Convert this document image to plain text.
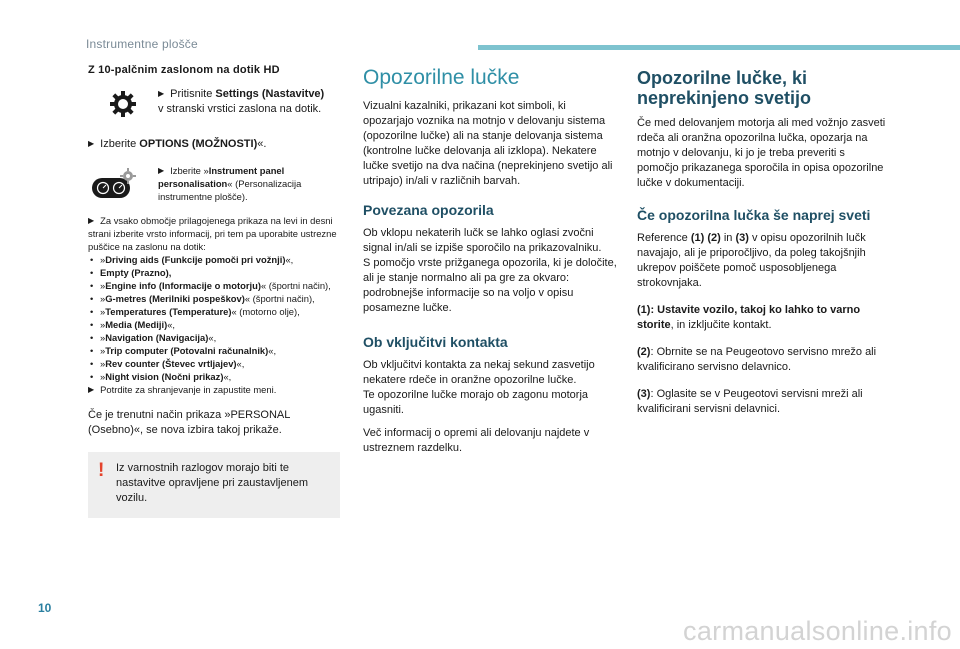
Instrumentne plošče
Z 10-palčnim zaslonom na dotik HD
▶ Pritisnite Settings (Nastavitve)
v stranski vrstici zaslona na dotik.
▶ Izberite OPTIONS (MOŽNOSTI)«.
▶ Izberite »Instrument panel personalisation« (Personalizacija instrumentne plošče).
▶ Za vsako območje prilagojenega prikaza na levi in desni strani izberite vrsto informacij, pri tem pa uporabite ustrezne puščice na zaslonu na dotik:
• »Driving aids (Funkcije pomoči pri vožnji)«,
• Empty (Prazno),
• »Engine info (Informacije o motorju)« (športni način),
• »G-metres (Merilniki pospeškov)« (športni način),
• »Temperatures (Temperature)« (motorno olje),
• »Media (Mediji)«,
• »Navigation (Navigacija)«,
• »Trip computer (Potovalni računalnik)«,
• »Rev counter (Števec vrtljajev)«,
• »Night vision (Nočni prikaz)«,
▶ Potrdite za shranjevanje in zapustite meni.

Če je trenutni način prikaza »PERSONAL (Osebno)«, se nova izbira takoj prikaže.

! Iz varnostnih razlogov morajo biti te nastavitve opravljene pri zaustavljenem vozilu.

Opozorilne lučke

Vizualni kazalniki, prikazani kot simboli, ki opozarjajo voznika na motnjo v delovanju sistema (opozorilne lučke) ali na stanje delovanja sistema (kontrolne lučke delovanja ali izklopa). Nekatere lučke svetijo na dva načina (neprekinjeno svetijo ali utripajo) in/ali v različnih barvah.

Povezana opozorila

Ob vklopu nekaterih lučk se lahko oglasi zvočni signal in/ali se izpiše sporočilo na prikazovalniku.

S pomočjo vrste prižganega opozorila, ki je določite, ali je stanje normalno ali pa gre za okvaro: podrobnejše informacije so na voljo v opisu posamezne lučke.

Ob vključitvi kontakta

Ob vključitvi kontakta za nekaj sekund zasvetijo nekatere rdeče in oranžne opozorilne lučke.

Te opozorilne lučke morajo ob zagonu motorja ugasniti.

Več informacij o opremi ali delovanju najdete v ustreznem razdelku.

Opozorilne lučke, ki neprekinjeno svetijo

Če med delovanjem motorja ali med vožnjo zasveti rdeča ali oranžna opozorilna lučka, opozarja na motnjo v delovanju, ki jo je treba preveriti s pomočjo prikazanega sporočila in opisa opozorilne lučke v dokumentaciji.

Če opozorilna lučka še naprej sveti

Reference (1) (2) in (3) v opisu opozorilnih lučk navajajo, ali je priporočljivo, da poleg takojšnjih ukrepov poiščete pomoč usposobljenega strokovnjaka.

(1): Ustavite vozilo, takoj ko lahko to varno storite, in izključite kontakt.

(2): Obrnite se na Peugeotovo servisno mrežo ali kvalificirano servisno delavnico.

(3): Oglasite se v Peugeotovi servisni mreži ali kvalificirani servisni delavnici.

10
carmanualsonline.info
